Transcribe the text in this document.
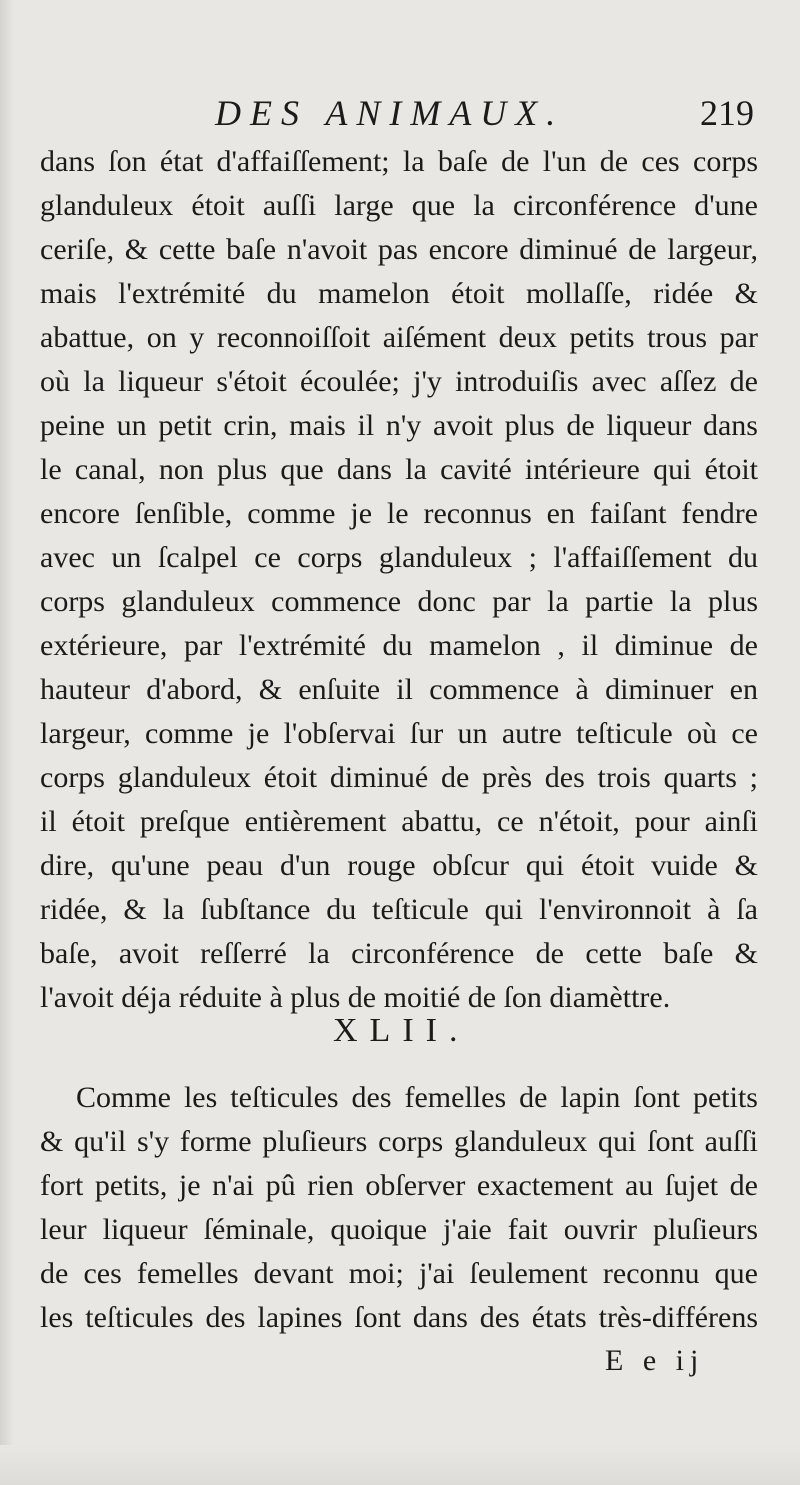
DES ANIMAUX.	219
dans ſon état d'affaiſſement; la baſe de l'un de ces corps
glanduleux étoit auſſi large que la circonférence d'une
ceriſe, & cette baſe n'avoit pas encore diminué de largeur,
mais l'extrémité du mamelon étoit mollaſſe, ridée &
abattue, on y reconnoiſſoit aiſément deux petits trous par
où la liqueur s'étoit écoulée; j'y introduiſis avec aſſez de
peine un petit crin, mais il n'y avoit plus de liqueur dans
le canal, non plus que dans la cavité intérieure qui étoit
encore ſenſible, comme je le reconnus en faiſant fendre
avec un ſcalpel ce corps glanduleux ; l'affaiſſement du
corps glanduleux commence donc par la partie la plus
extérieure, par l'extrémité du mamelon , il diminue de
hauteur d'abord, & enſuite il commence à diminuer en
largeur, comme je l'obſervai ſur un autre teſticule où ce
corps glanduleux étoit diminué de près des trois quarts ;
il étoit preſque entièrement abattu, ce n'étoit, pour ainſi
dire, qu'une peau d'un rouge obſcur qui étoit vuide &
ridée, & la ſubſtance du teſticule qui l'environnoit à ſa
baſe, avoit reſſerré la circonférence de cette baſe &
l'avoit déja réduite à plus de moitié de ſon diamèttre.
XLII.
Comme les teſticules des femelles de lapin ſont petits
& qu'il s'y forme pluſieurs corps glanduleux qui ſont auſſi
fort petits, je n'ai pû rien obſerver exactement au ſujet de
leur liqueur ſéminale, quoique j'aie fait ouvrir pluſieurs
de ces femelles devant moi; j'ai ſeulement reconnu que
les teſticules des lapines ſont dans des états très-différens
E e ij
